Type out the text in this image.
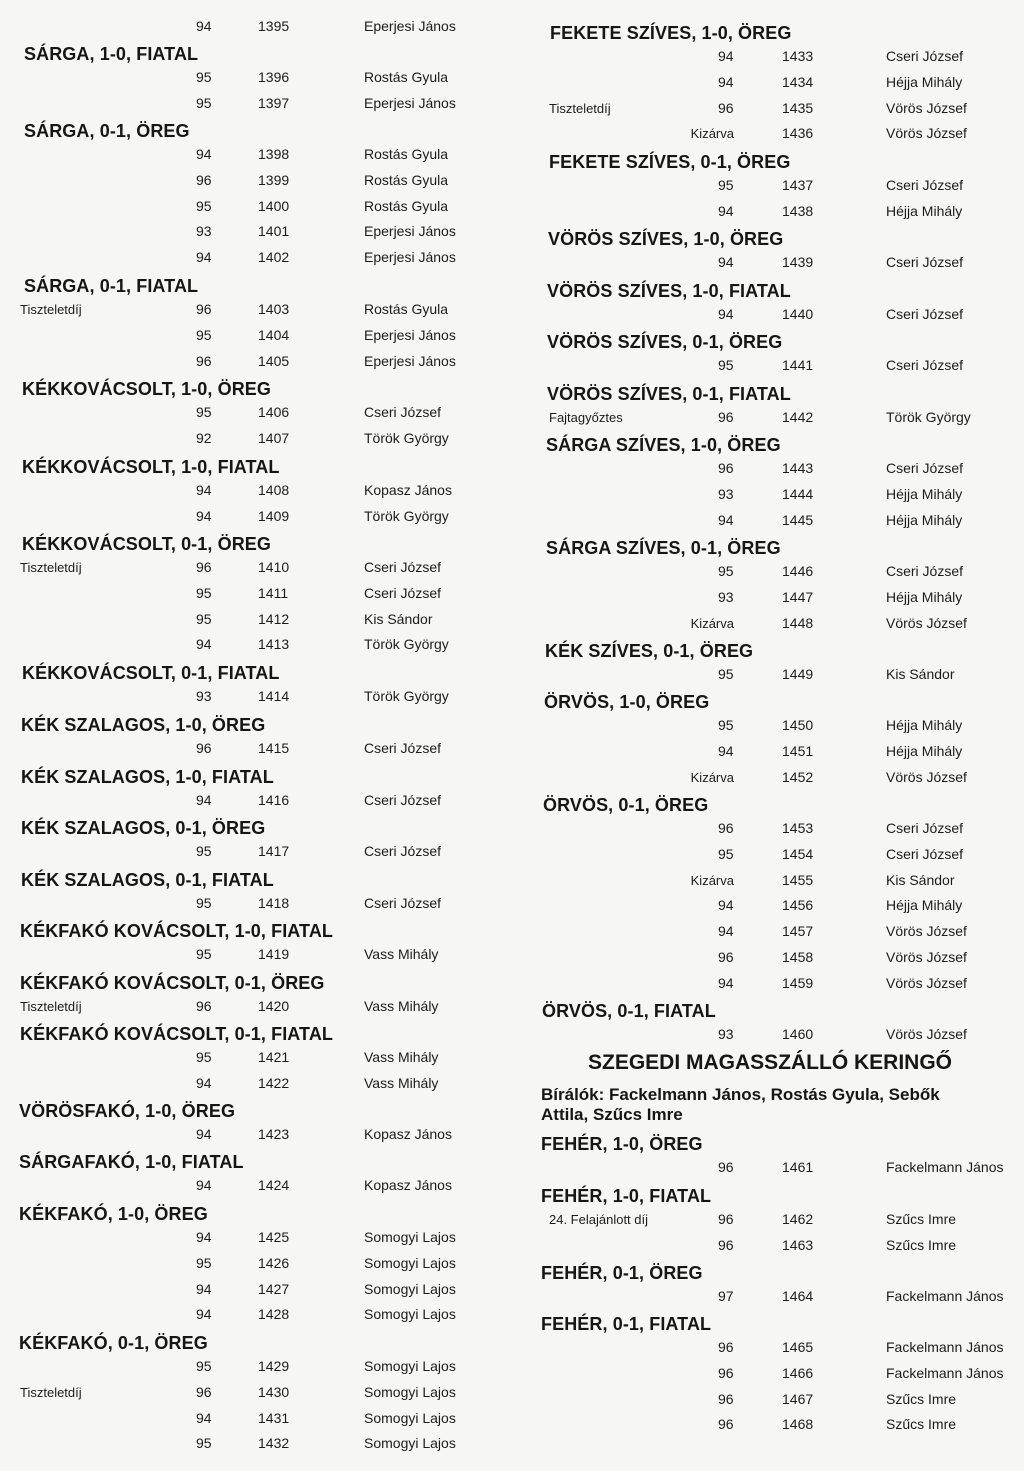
94	1395	Eperjesi János
SÁRGA, 1-0, FIATAL
95	1396	Rostás Gyula
95	1397	Eperjesi János
SÁRGA, 0-1, ÖREG
94	1398	Rostás Gyula
96	1399	Rostás Gyula
95	1400	Rostás Gyula
93	1401	Eperjesi János
94	1402	Eperjesi János
SÁRGA, 0-1, FIATAL
Tiszteletdíj	96	1403	Rostás Gyula
95	1404	Eperjesi János
96	1405	Eperjesi János
KÉKKOVÁCSOLT, 1-0, ÖREG
95	1406	Cseri József
92	1407	Török György
KÉKKOVÁCSOLT, 1-0, FIATAL
94	1408	Kopasz János
94	1409	Török György
KÉKKOVÁCSOLT, 0-1, ÖREG
Tiszteletdíj	96	1410	Cseri József
95	1411	Cseri József
95	1412	Kis Sándor
94	1413	Török György
KÉKKOVÁCSOLT, 0-1, FIATAL
93	1414	Török György
KÉK SZALAGOS, 1-0, ÖREG
96	1415	Cseri József
KÉK SZALAGOS, 1-0, FIATAL
94	1416	Cseri József
KÉK SZALAGOS, 0-1, ÖREG
95	1417	Cseri József
KÉK SZALAGOS, 0-1, FIATAL
95	1418	Cseri József
KÉKFAKÓ KOVÁCSOLT, 1-0, FIATAL
95	1419	Vass Mihály
KÉKFAKÓ KOVÁCSOLT, 0-1, ÖREG
Tiszteletdíj	96	1420	Vass Mihály
KÉKFAKÓ KOVÁCSOLT, 0-1, FIATAL
95	1421	Vass Mihály
94	1422	Vass Mihály
VÖRÖSFAKÓ, 1-0, ÖREG
94	1423	Kopasz János
SÁRGAFAKÓ, 1-0, FIATAL
94	1424	Kopasz János
KÉKFAKÓ, 1-0, ÖREG
94	1425	Somogyi Lajos
95	1426	Somogyi Lajos
94	1427	Somogyi Lajos
94	1428	Somogyi Lajos
KÉKFAKÓ, 0-1, ÖREG
95	1429	Somogyi Lajos
Tiszteletdíj	96	1430	Somogyi Lajos
94	1431	Somogyi Lajos
95	1432	Somogyi Lajos
FEKETE SZÍVES, 1-0, ÖREG
94	1433	Cseri József
94	1434	Héjja Mihály
Tiszteletdíj	96	1435	Vörös József
Kizárva	1436	Vörös József
FEKETE SZÍVES, 0-1, ÖREG
95	1437	Cseri József
94	1438	Héjja Mihály
VÖRÖS SZÍVES, 1-0, ÖREG
94	1439	Cseri József
VÖRÖS SZÍVES, 1-0, FIATAL
94	1440	Cseri József
VÖRÖS SZÍVES, 0-1, ÖREG
95	1441	Cseri József
VÖRÖS SZÍVES, 0-1, FIATAL
Fajtagyőztes	96	1442	Török György
SÁRGA SZÍVES, 1-0, ÖREG
96	1443	Cseri József
93	1444	Héjja Mihály
94	1445	Héjja Mihály
SÁRGA SZÍVES, 0-1, ÖREG
95	1446	Cseri József
93	1447	Héjja Mihály
Kizárva	1448	Vörös József
KÉK SZÍVES, 0-1, ÖREG
95	1449	Kis Sándor
ÖRVÖS, 1-0, ÖREG
95	1450	Héjja Mihály
94	1451	Héjja Mihály
Kizárva	1452	Vörös József
ÖRVÖS, 0-1, ÖREG
96	1453	Cseri József
95	1454	Cseri József
Kizárva	1455	Kis Sándor
94	1456	Héjja Mihály
94	1457	Vörös József
96	1458	Vörös József
94	1459	Vörös József
ÖRVÖS, 0-1, FIATAL
93	1460	Vörös József
FEHÉR, 1-0, ÖREG
96	1461	Fackelmann János
FEHÉR, 1-0, FIATAL
24. Felajánlott díj	96	1462	Szűcs Imre
96	1463	Szűcs Imre
FEHÉR, 0-1, ÖREG
97	1464	Fackelmann János
FEHÉR, 0-1, FIATAL
96	1465	Fackelmann János
96	1466	Fackelmann János
96	1467	Szűcs Imre
96	1468	Szűcs Imre
SZEGEDI MAGASSZÁLLÓ KERINGŐ
Bírálók: Fackelmann János, Rostás Gyula, Sebők
Attila, Szűcs Imre
